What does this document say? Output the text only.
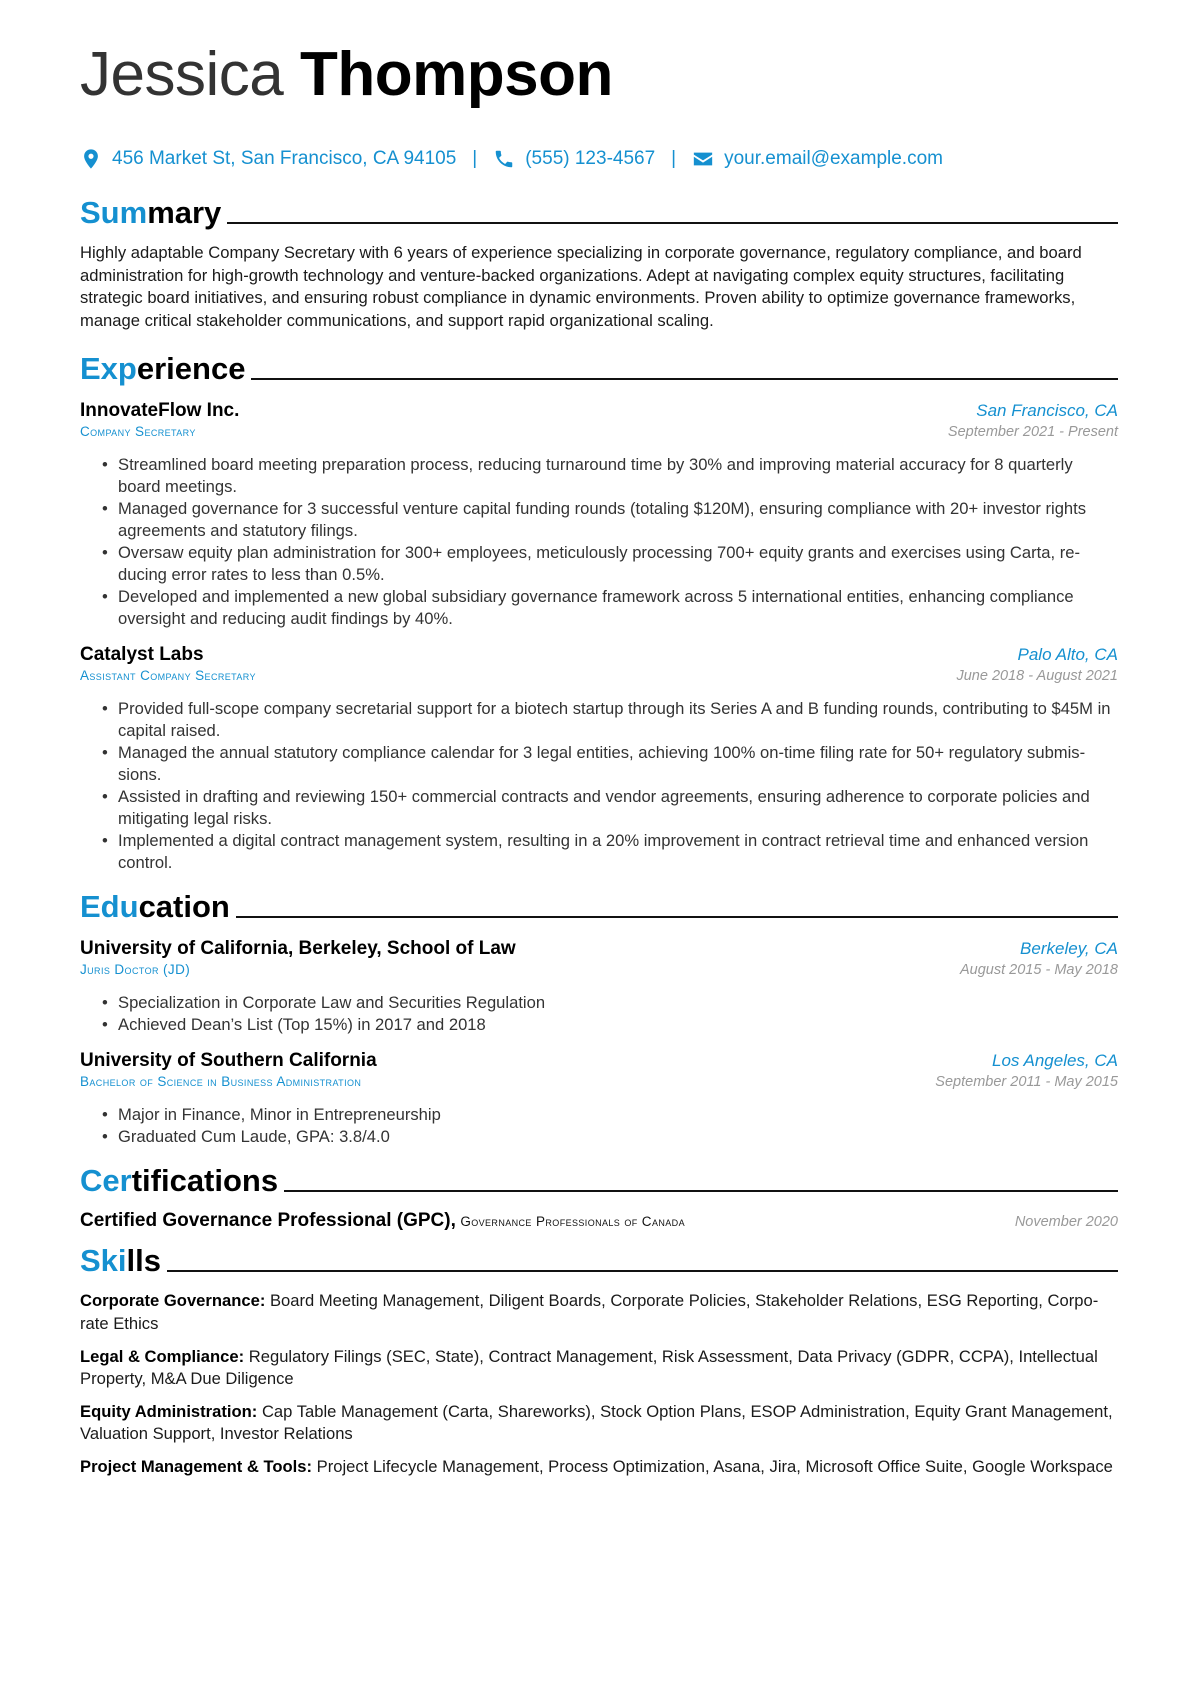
Jessica Thompson
456 Market St, San Francisco, CA 94105 |	(555) 123-4567 |	your.email@example.com
Summary
Highly adaptable Company Secretary with 6 years of experience specializing in corporate governance, regulatory compliance, and board administration for high-growth technology and venture-backed organizations. Adept at navigating complex equity structures, facilitating strategic board initiatives, and ensuring robust compliance in dynamic environments. Proven ability to optimize governance frameworks, manage critical stakeholder communications, and support rapid organizational scaling.
Experience
InnovateFlow Inc.	San Francisco, CA
Company Secretary	September 2021 - Present
• Streamlined board meeting preparation process, reducing turnaround time by 30% and improving material accuracy for 8 quarterly board meetings.
• Managed governance for 3 successful venture capital funding rounds (totaling $120M), ensuring compliance with 20+ investor rights agreements and statutory filings.
• Oversaw equity plan administration for 300+ employees, meticulously processing 700+ equity grants and exercises using Carta, reducing error rates to less than 0.5%.
• Developed and implemented a new global subsidiary governance framework across 5 international entities, enhancing compliance oversight and reducing audit findings by 40%.
Catalyst Labs	Palo Alto, CA
Assistant Company Secretary	June 2018 - August 2021
• Provided full-scope company secretarial support for a biotech startup through its Series A and B funding rounds, contributing to $45M in capital raised.
• Managed the annual statutory compliance calendar for 3 legal entities, achieving 100% on-time filing rate for 50+ regulatory submissions.
• Assisted in drafting and reviewing 150+ commercial contracts and vendor agreements, ensuring adherence to corporate policies and mitigating legal risks.
• Implemented a digital contract management system, resulting in a 20% improvement in contract retrieval time and enhanced version control.
Education
University of California, Berkeley, School of Law	Berkeley, CA
Juris Doctor (JD)	August 2015 - May 2018
• Specialization in Corporate Law and Securities Regulation
• Achieved Dean’s List (Top 15%) in 2017 and 2018
University of Southern California	Los Angeles, CA
Bachelor of Science in Business Administration	September 2011 - May 2015
• Major in Finance, Minor in Entrepreneurship
• Graduated Cum Laude, GPA: 3.8/4.0
Certifications
Certified Governance Professional (GPC), Governance Professionals of Canada	November 2020
Skills
Corporate Governance: Board Meeting Management, Diligent Boards, Corporate Policies, Stakeholder Relations, ESG Reporting, Corporate Ethics
Legal & Compliance: Regulatory Filings (SEC, State), Contract Management, Risk Assessment, Data Privacy (GDPR, CCPA), Intellectual Property, M&A Due Diligence
Equity Administration: Cap Table Management (Carta, Shareworks), Stock Option Plans, ESOP Administration, Equity Grant Management, Valuation Support, Investor Relations
Project Management & Tools: Project Lifecycle Management, Process Optimization, Asana, Jira, Microsoft Office Suite, Google Workspace
